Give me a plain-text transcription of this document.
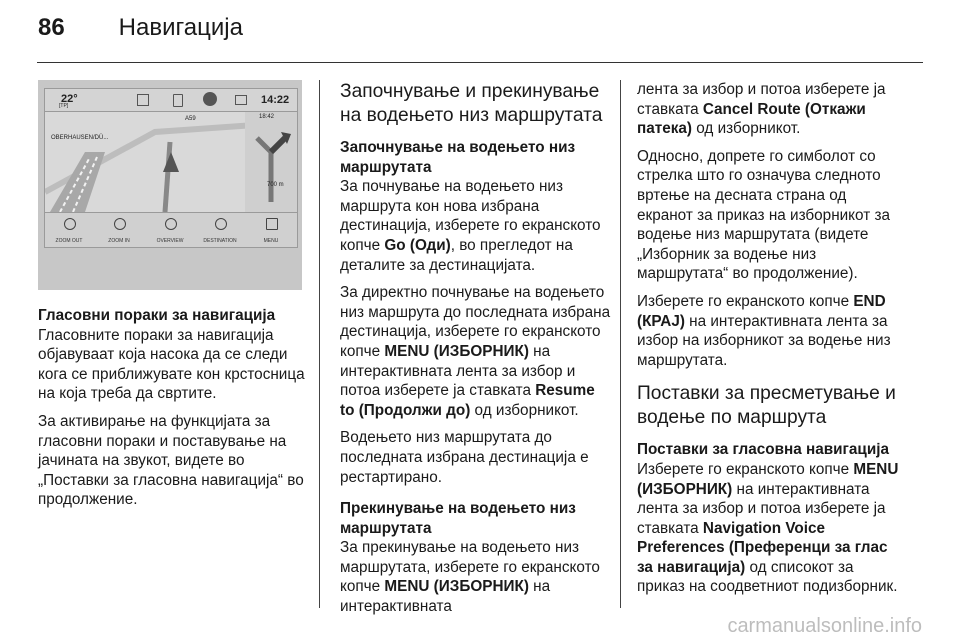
86 Навигација
22°
[TP]	14:22
OBERHAUSEN/DÜ...
A59	18:42
700 m
ZOOM OUT	ZOOM IN	OVERVIEW	DESTINATION	MENU
Гласовни пораки за навигација

Гласовните пораки за навигација објавуваат која насока да се следи кога се приближувате кон крстосница на која треба да свртите.

За активирање на функцијата за гласовни пораки и поставување на јачината на звукот, видете во „Поставки за гласовна навигација“ во продолжение.

Започнување и прекинување на водењето низ маршрутата
Започнување на водењето низ маршрутата

За почнување на водењето низ маршрута кон нова избрана дестинација, изберете го екранското копче Go (Оди), во прегледот на деталите за дестинацијата.

За директно почнување на водењето низ маршрута до последната избрана дестинација, изберете го екранското копче MENU (ИЗБОРНИК) на интерактивната лента за избор и потоа изберете ја ставката Resume to (Продолжи до) од изборникот.

Водењето низ маршрутата до последната избрана дестинација е рестартирано.

Прекинување на водењето низ маршрутата

За прекинување на водењето низ маршрутата, изберете го екранското копче MENU (ИЗБОРНИК) на интерактивната

лента за избор и потоа изберете ја ставката Cancel Route (Откажи патека) од изборникот.

Односно, допрете го симболот со стрелка што го означува следното вртење на десната страна од екранот за приказ на изборникот за водење низ маршрутата (видете „Изборник за водење низ маршрутата“ во продолжение).

Изберете го екранското копче END (КРАЈ) на интерактивната лента за избор на изборникот за водење низ маршрутата.

Поставки за пресметување и водење по маршрута
Поставки за гласовна навигација

Изберете го екранското копче MENU (ИЗБОРНИК) на интерактивната лента за избор и потоа изберете ја ставката Navigation Voice Preferences (Преференци за глас за навигација) од списокот за приказ на соодветниот подизборник.

carmanualsonline.info
